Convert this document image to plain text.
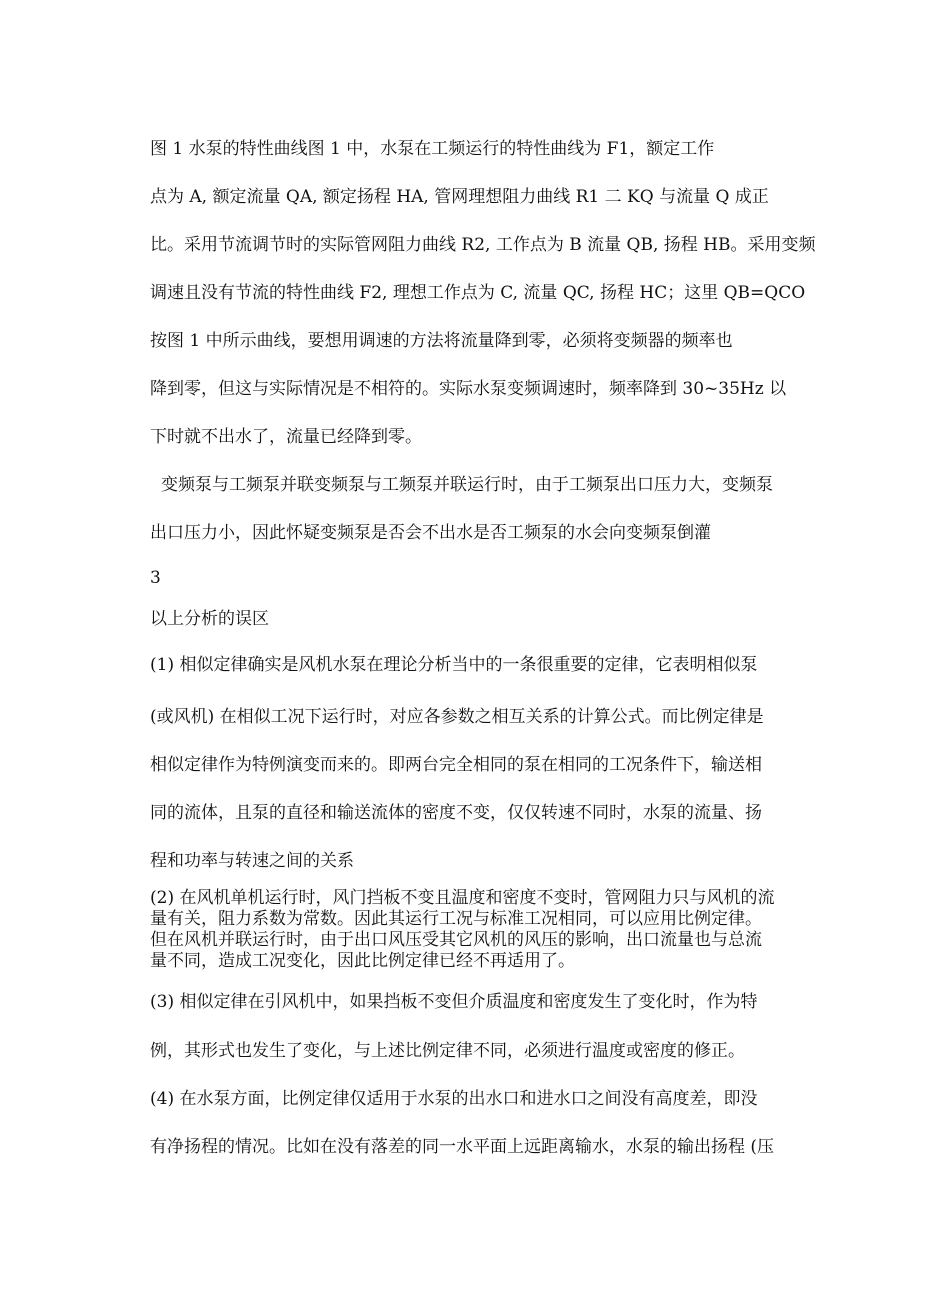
图 1 水泵的特性曲线图 1 中，水泵在工频运行的特性曲线为 F1，额定工作
点为 A, 额定流量 QA, 额定扬程 HA, 管网理想阻力曲线 R1 二 KQ 与流量 Q 成正
比。采用节流调节时的实际管网阻力曲线 R2, 工作点为 B 流量 QB, 扬程 HB。采用变频
调速且没有节流的特性曲线 F2, 理想工作点为 C, 流量 QC, 扬程 HC；这里 QB=QCO
按图 1 中所示曲线，要想用调速的方法将流量降到零，必须将变频器的频率也
降到零，但这与实际情况是不相符的。实际水泵变频调速时，频率降到 30~35Hz 以
下时就不出水了，流量已经降到零。
变频泵与工频泵并联变频泵与工频泵并联运行时，由于工频泵出口压力大，变频泵
出口压力小，因此怀疑变频泵是否会不出水是否工频泵的水会向变频泵倒灌
3
以上分析的误区
(1) 相似定律确实是风机水泵在理论分析当中的一条很重要的定律，它表明相似泵
(或风机) 在相似工况下运行时，对应各参数之相互关系的计算公式。而比例定律是
相似定律作为特例演变而来的。即两台完全相同的泵在相同的工况条件下，输送相
同的流体，且泵的直径和输送流体的密度不变，仅仅转速不同时，水泵的流量、扬
程和功率与转速之间的关系
(2) 在风机单机运行时，风门挡板不变且温度和密度不变时，管网阻力只与风机的流
量有关，阻力系数为常数。因此其运行工况与标准工况相同，可以应用比例定律。
但在风机并联运行时，由于出口风压受其它风机的风压的影响，出口流量也与总流
量不同，造成工况变化，因此比例定律已经不再适用了。
(3) 相似定律在引风机中，如果挡板不变但介质温度和密度发生了变化时，作为特
例，其形式也发生了变化，与上述比例定律不同，必须进行温度或密度的修正。
(4) 在水泵方面，比例定律仅适用于水泵的出水口和进水口之间没有高度差，即没
有净扬程的情况。比如在没有落差的同一水平面上远距离输水，水泵的输出扬程 (压
